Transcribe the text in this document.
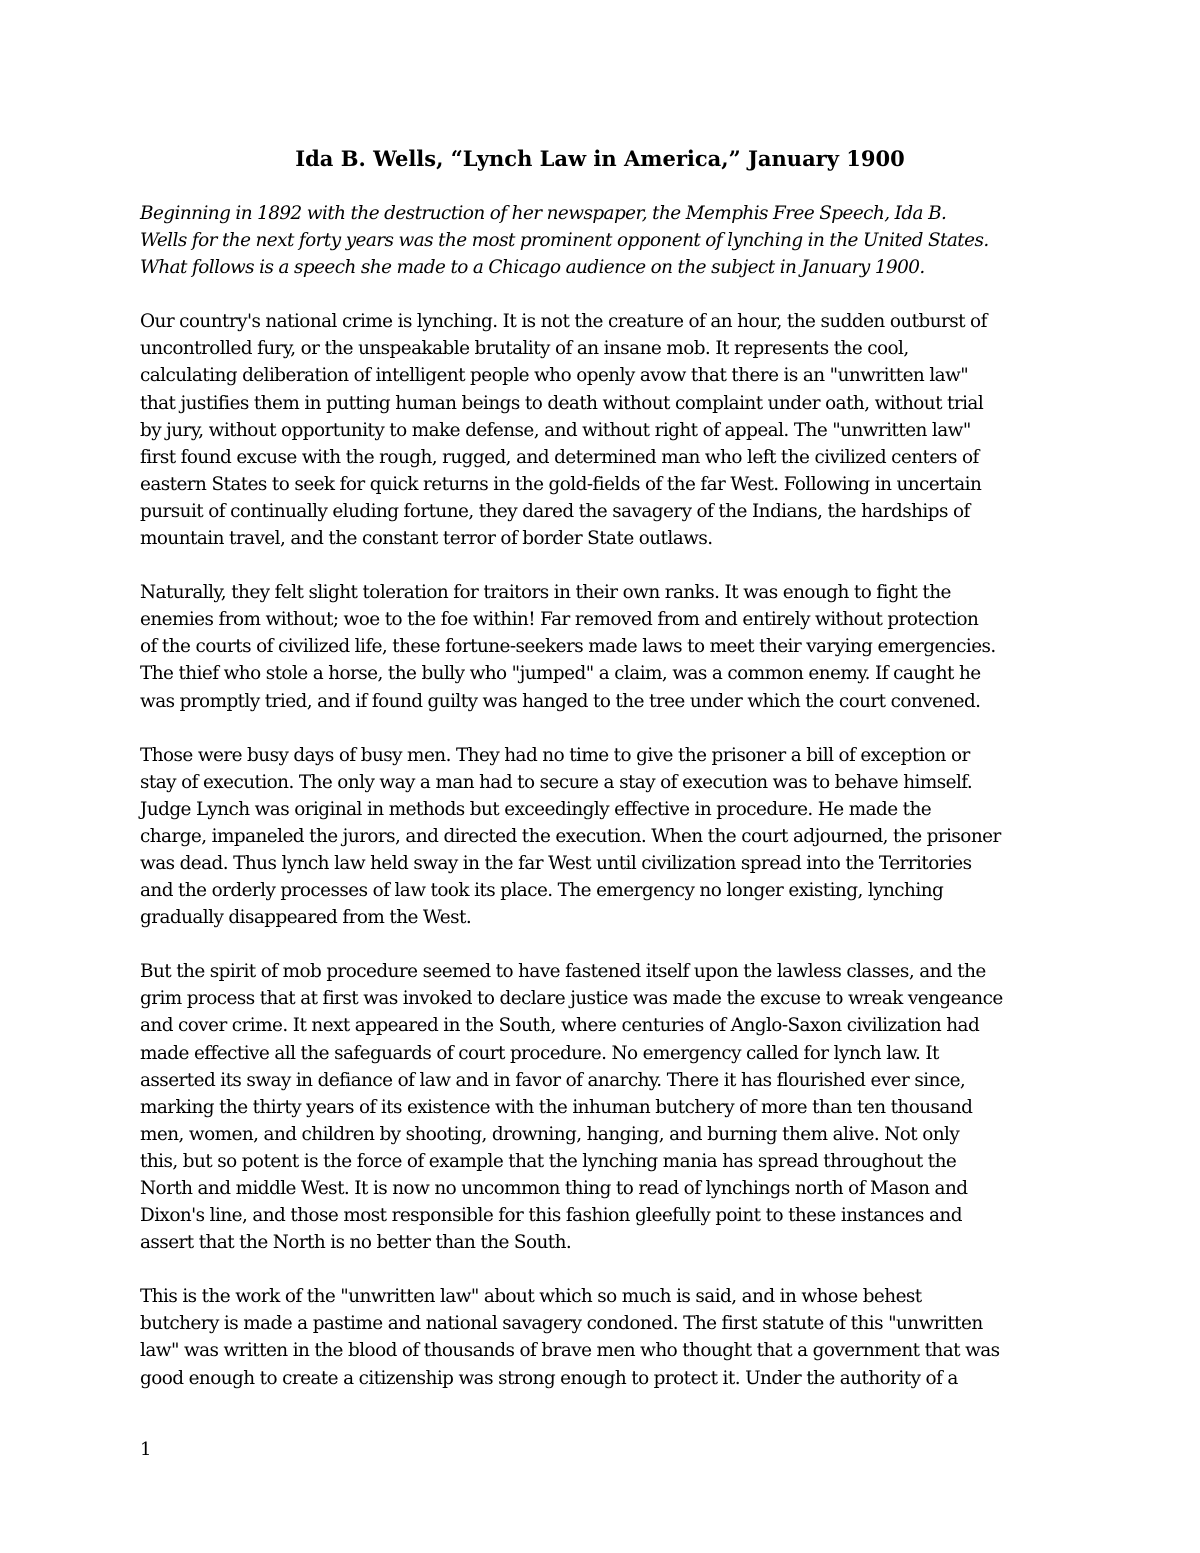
Ida B. Wells, “Lynch Law in America,” January 1900

Beginning in 1892 with the destruction of her newspaper, the Memphis Free Speech, Ida B.
Wells for the next forty years was the most prominent opponent of lynching in the United States.
What follows is a speech she made to a Chicago audience on the subject in January 1900.

Our country's national crime is lynching. It is not the creature of an hour, the sudden outburst of
uncontrolled fury, or the unspeakable brutality of an insane mob. It represents the cool,
calculating deliberation of intelligent people who openly avow that there is an "unwritten law"
that justifies them in putting human beings to death without complaint under oath, without trial
by jury, without opportunity to make defense, and without right of appeal. The "unwritten law"
first found excuse with the rough, rugged, and determined man who left the civilized centers of
eastern States to seek for quick returns in the gold-fields of the far West. Following in uncertain
pursuit of continually eluding fortune, they dared the savagery of the Indians, the hardships of
mountain travel, and the constant terror of border State outlaws.

Naturally, they felt slight toleration for traitors in their own ranks. It was enough to fight the
enemies from without; woe to the foe within! Far removed from and entirely without protection
of the courts of civilized life, these fortune-seekers made laws to meet their varying emergencies.
The thief who stole a horse, the bully who "jumped" a claim, was a common enemy. If caught he
was promptly tried, and if found guilty was hanged to the tree under which the court convened.

Those were busy days of busy men. They had no time to give the prisoner a bill of exception or
stay of execution. The only way a man had to secure a stay of execution was to behave himself.
Judge Lynch was original in methods but exceedingly effective in procedure. He made the
charge, impaneled the jurors, and directed the execution. When the court adjourned, the prisoner
was dead. Thus lynch law held sway in the far West until civilization spread into the Territories
and the orderly processes of law took its place. The emergency no longer existing, lynching
gradually disappeared from the West.

But the spirit of mob procedure seemed to have fastened itself upon the lawless classes, and the
grim process that at first was invoked to declare justice was made the excuse to wreak vengeance
and cover crime. It next appeared in the South, where centuries of Anglo-Saxon civilization had
made effective all the safeguards of court procedure. No emergency called for lynch law. It
asserted its sway in defiance of law and in favor of anarchy. There it has flourished ever since,
marking the thirty years of its existence with the inhuman butchery of more than ten thousand
men, women, and children by shooting, drowning, hanging, and burning them alive. Not only
this, but so potent is the force of example that the lynching mania has spread throughout the
North and middle West. It is now no uncommon thing to read of lynchings north of Mason and
Dixon's line, and those most responsible for this fashion gleefully point to these instances and
assert that the North is no better than the South.

This is the work of the "unwritten law" about which so much is said, and in whose behest
butchery is made a pastime and national savagery condoned. The first statute of this "unwritten
law" was written in the blood of thousands of brave men who thought that a government that was
good enough to create a citizenship was strong enough to protect it. Under the authority of a

1
